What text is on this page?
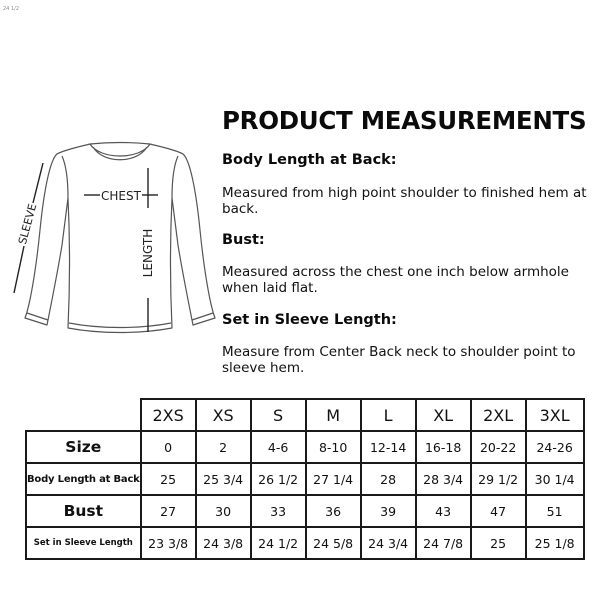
24 1/2
CHEST
LENGTH
SLEEVE
PRODUCT MEASUREMENTS
Body Length at Back:

Measured from high point shoulder to finished hem at back.

Bust:

Measured across the chest one inch below armhole when laid flat.

Set in Sleeve Length:

Measure from Center Back neck to shoulder point to sleeve hem.

	2XS	XS	S	M	L	XL	2XL	3XL
Size	0	2	4-6	8-10	12-14	16-18	20-22	24-26
Body Length at Back	25	25 3/4	26 1/2	27 1/4	28	28 3/4	29 1/2	30 1/4
Bust	27	30	33	36	39	43	47	51
Set in Sleeve Length	23 3/8	24 3/8	24 1/2	24 5/8	24 3/4	24 7/8	25	25 1/8
